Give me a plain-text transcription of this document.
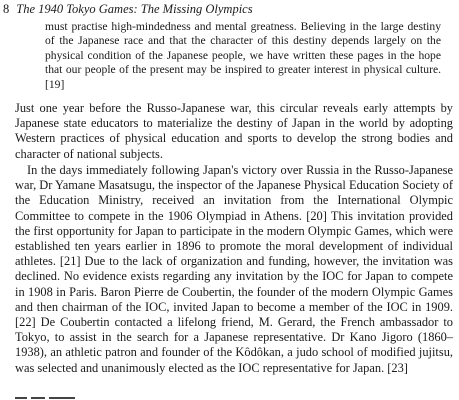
8 The 1940 Tokyo Games: The Missing Olympics
must practise high-mindedness and mental greatness. Believing in the large destiny of the Japanese race and that the character of this destiny depends largely on the physical condition of the Japanese people, we have written these pages in the hope that our people of the present may be inspired to greater interest in physical culture. [19]
Just one year before the Russo-Japanese war, this circular reveals early attempts by Japanese state educators to materialize the destiny of Japan in the world by adopting Western practices of physical education and sports to develop the strong bodies and character of national subjects.
In the days immediately following Japan's victory over Russia in the Russo-Japanese war, Dr Yamane Masatsugu, the inspector of the Japanese Physical Education Society of the Education Ministry, received an invitation from the International Olympic Committee to compete in the 1906 Olympiad in Athens. [20] This invitation provided the first opportunity for Japan to participate in the modern Olympic Games, which were established ten years earlier in 1896 to promote the moral development of individual athletes. [21] Due to the lack of organization and funding, however, the invitation was declined. No evidence exists regarding any invitation by the IOC for Japan to compete in 1908 in Paris. Baron Pierre de Coubertin, the founder of the modern Olympic Games and then chairman of the IOC, invited Japan to become a member of the IOC in 1909. [22] De Coubertin contacted a lifelong friend, M. Gerard, the French ambassador to Tokyo, to assist in the search for a Japanese representative. Dr Kano Jigoro (1860–1938), an athletic patron and founder of the Kôdôkan, a judo school of modified jujitsu, was selected and unanimously elected as the IOC representative for Japan. [23]
